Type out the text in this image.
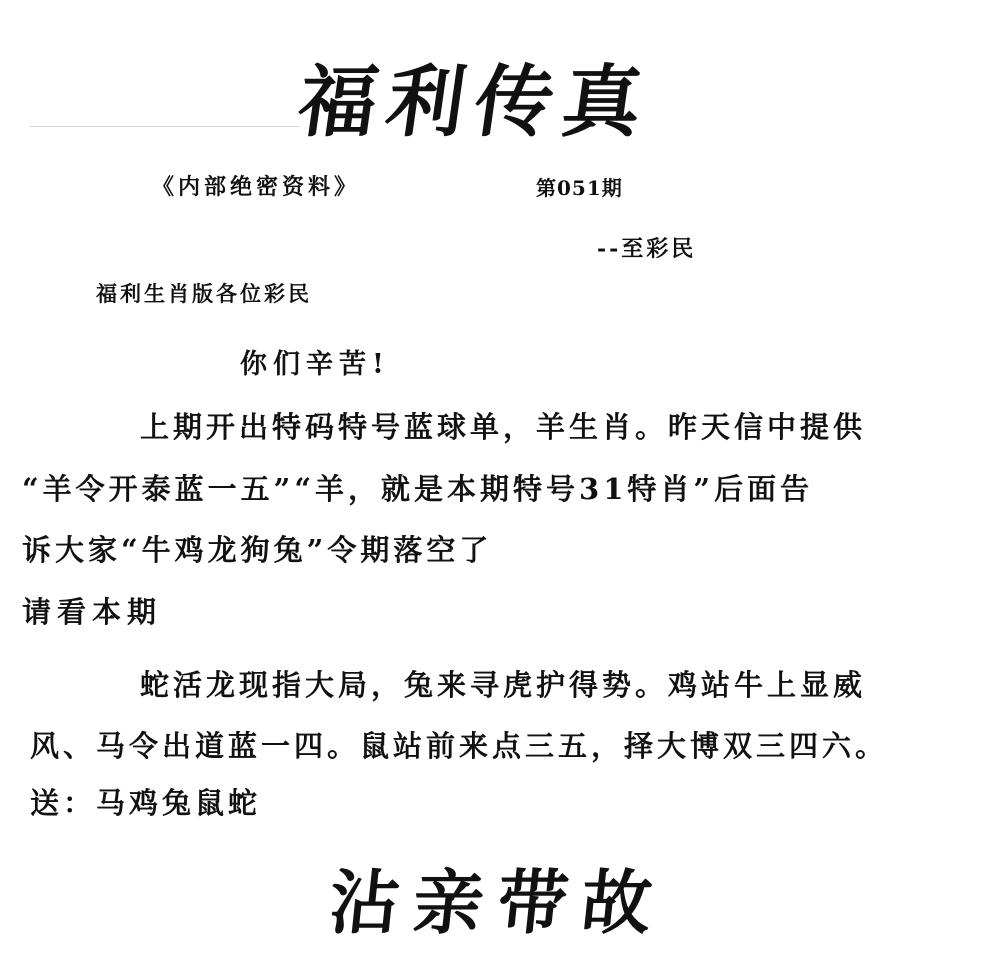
福利传真
《内部绝密资料》	第051期
--至彩民
福利生肖版各位彩民
你们辛苦!
上期开出特码特号蓝球单，羊生肖。昨天信中提供
“羊令开泰蓝一五”“羊，就是本期特号31特肖”后面告
诉大家“牛鸡龙狗兔”令期落空了
请看本期
蛇活龙现指大局，兔来寻虎护得势。鸡站牛上显威
风、马令出道蓝一四。鼠站前来点三五，择大博双三四六。
送：马鸡兔鼠蛇
沾亲带故
